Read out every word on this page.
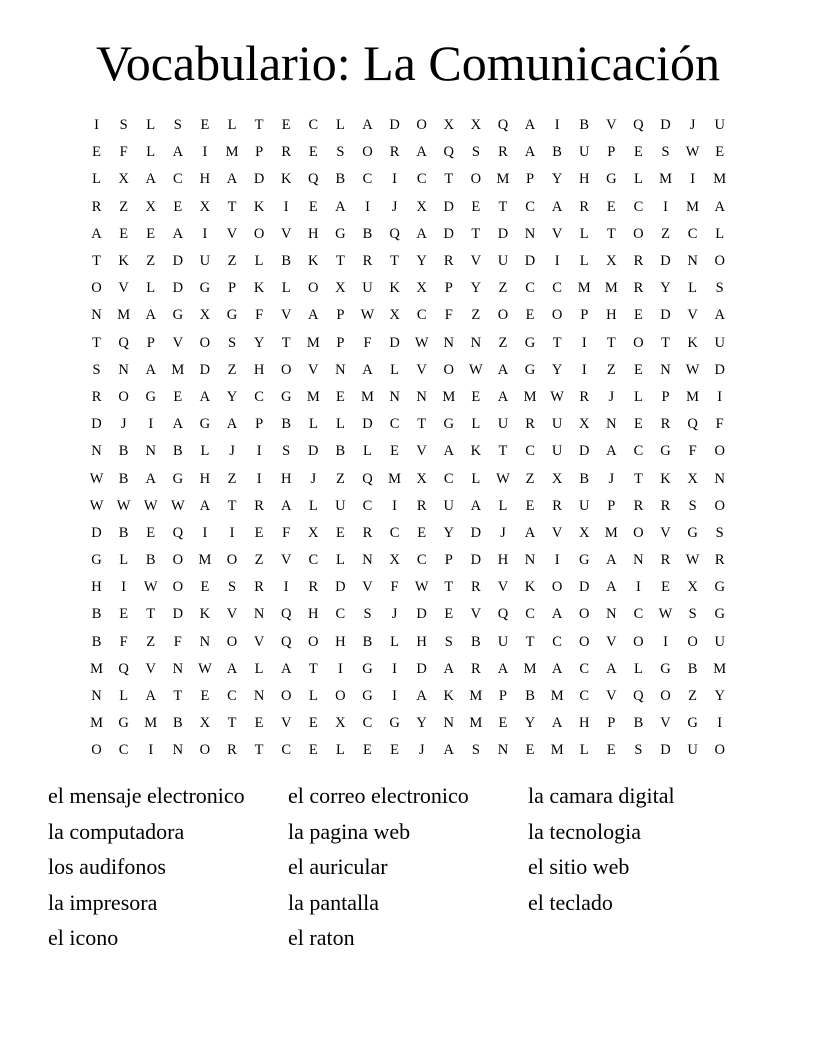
Vocabulario: La Comunicación
I	S	L	S	E	L	T	E	C	L	A	D	O	X	X	Q	A	I	B	V	Q	D	J	U
E	F	L	A	I	M	P	R	E	S	O	R	A	Q	S	R	A	B	U	P	E	S	W	E
L	X	A	C	H	A	D	K	Q	B	C	I	C	T	O	M	P	Y	H	G	L	M	I	M
R	Z	X	E	X	T	K	I	E	A	I	J	X	D	E	T	C	A	R	E	C	I	M	A
A	E	E	A	I	V	O	V	H	G	B	Q	A	D	T	D	N	V	L	T	O	Z	C	L
T	K	Z	D	U	Z	L	B	K	T	R	T	Y	R	V	U	D	I	L	X	R	D	N	O
O	V	L	D	G	P	K	L	O	X	U	K	X	P	Y	Z	C	C	M M	R	Y	L	S
N	M	A	G	X	G	F	V	A	P	W	X	C	F	Z	O	E	O	P	H	E	D	V	A
T	Q	P	V	O	S	Y	T	M	P	F	D	W	N	N	Z	G	T	I	T	O	T	K	U
S	N	A	M	D	Z	H	O	V	N	A	L	V	O	W	A	G	Y	I	Z	E	N	W	D
R	O	G	E	A	Y	C	G	M	E	M	N	N	M	E	A	M W	R	J	L	P	M	I
D	J	I	A	G	A	P	B	L	L	D	C	T	G	L	U	R	U	X	N	E	R	Q	F
N	B	N	B	L	J	I	S	D	B	L	E	V	A	K	T	C	U	D	A	C	G	F	O
W	B	A	G	H	Z	I	H	J	Z	Q	M	X	C	L	W	Z	X	B	J	T	K	X	N
W W W W	A	T	R	A	L	U	C	I	R	U	A	L	E	R	U	P	R	R	S	O
D	B	E	Q	I	I	E	F	X	E	R	C	E	Y	D	J	A	V	X	M	O	V	G	S
G	L	B	O	M	O	Z	V	C	L	N	X	C	P	D	H	N	I	G	A	N	R	W	R
H	I	W	O	E	S	R	I	R	D	V	F	W	T	R	V	K	O	D	A	I	E	X	G
B	E	T	D	K	V	N	Q	H	C	S	J	D	E	V	Q	C	A	O	N	C	W	S	G
B	F	Z	F	N	O	V	Q	O	H	B	L	H	S	B	U	T	C	O	V	O	I	O	U
M	Q	V	N	W	A	L	A	T	I	G	I	D	A	R	A	M	A	C	A	L	G	B	M
N	L	A	T	E	C	N	O	L	O	G	I	A	K	M	P	B	M	C	V	Q	O	Z	Y
M	G	M	B	X	T	E	V	E	X	C	G	Y	N	M	E	Y	A	H	P	B	V	G	I
O	C	I	N	O	R	T	C	E	L	E	E	J	A	S	N	E	M	L	E	S	D	U	O
el mensaje electronico	el correo electronico	la camara digital
la computadora	la pagina web	la tecnologia
los audifonos	el auricular	el sitio web
la impresora	la pantalla	el teclado
el icono	el raton
